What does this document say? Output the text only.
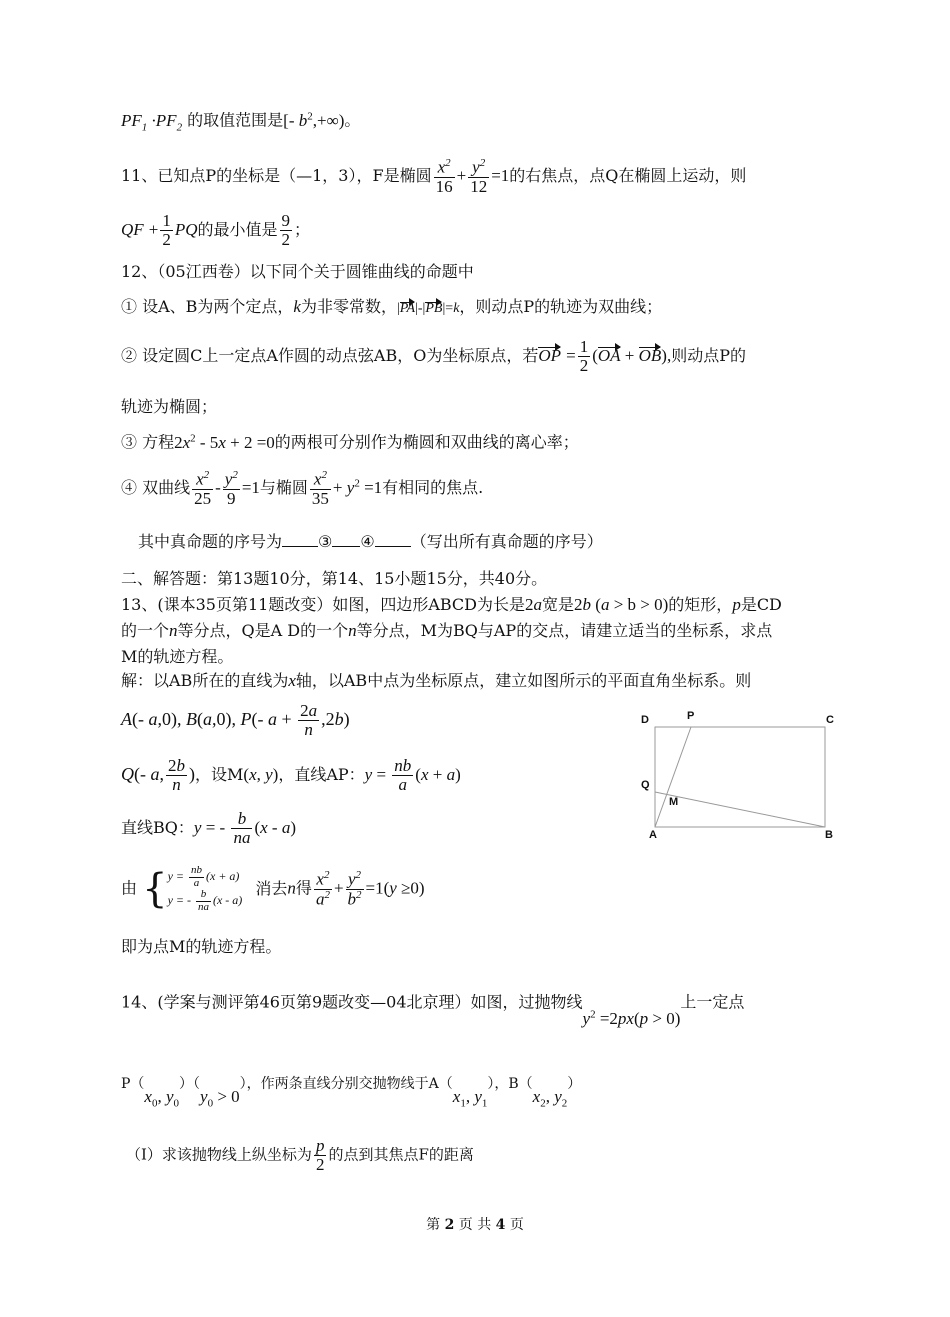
$PF_1 \cdot PF_2$ 的取值范围是[- $b^2,+\infty$)。
11、已知点P的坐标是（—1，3），F是椭圆 $\frac{x^2}{16} + \frac{y^2}{12} =1$的右焦点，点Q在椭圆上运动，则
QF + $\frac{1}{2}$ PQ的最小值是 $\frac{9}{2}$ ；
12、（05江西卷）以下同个关于圆锥曲线的命题中
① 设A、B为两个定点，k为非零常数，|PA|-|PB|=k，则动点P的轨迹为双曲线；
② 设定圆C上一定点A作圆的动点弦AB，O为坐标原点，若OP = $\frac{1}{2} (OA + OB)$,则动点P的
轨迹为椭圆；
③ 方程$2x^2 - 5x + 2 =0$的两根可分别作为椭圆和双曲线的离心率；
④ 双曲线 $\frac{x^2}{25} - \frac{y^2}{9} =1$与椭圆 $\frac{x^2}{35} + y^2 =1$有相同的焦点.
其中真命题的序号为 ③ ④ （写出所有真命题的序号）
二、解答题：第13题10分，第14、15小题15分，共40分。
13、(课本35页第11题改变）如图，四边形ABCD为长是2a宽是2b (a > b > 0)的矩形，p是CD
的一个n等分点，Q是A D的一个n等分点，M为BQ与AP的交点，请建立适当的坐标系，求点
M的轨迹方程。
解：以AB所在的直线为x轴，以AB中点为坐标原点，建立如图所示的平面直角坐标系。则
A(- a,0), B(a,0), P(- $a + \frac{2a}{n} ,2b$)
Q(- a, $\frac{2b}{n}$ )，设M(x, y)，直线AP：$y = \frac{nb}{a} (x + a)$
直线BQ：y = - $\frac{b}{na} (x - a)$
由 { $y = \frac{nb}{a} (x + a)$
y = - $\frac{b}{na} (x - a)$
消去n得 $\frac{x^2}{a^2} + \frac{y^2}{b^2} =1(y \ge 0)$
即为点M的轨迹方程。
D	P	C
Q
M
A	B
14、(学案与测评第46页第9题改变—04北京理）如图，过抛物线$y^2 =2px(p > 0)$上一定点
$P(x_0$, $y_0)(y_0 > 0)$，作两条直线分别交抛物线于$A(x_1$, $y_1$），$B(x_2$, $y_2$）
（I）求该抛物线上纵坐标为 $\frac{p}{2}$ 的点到其焦点F的距离
第 2 页 共 4 页
